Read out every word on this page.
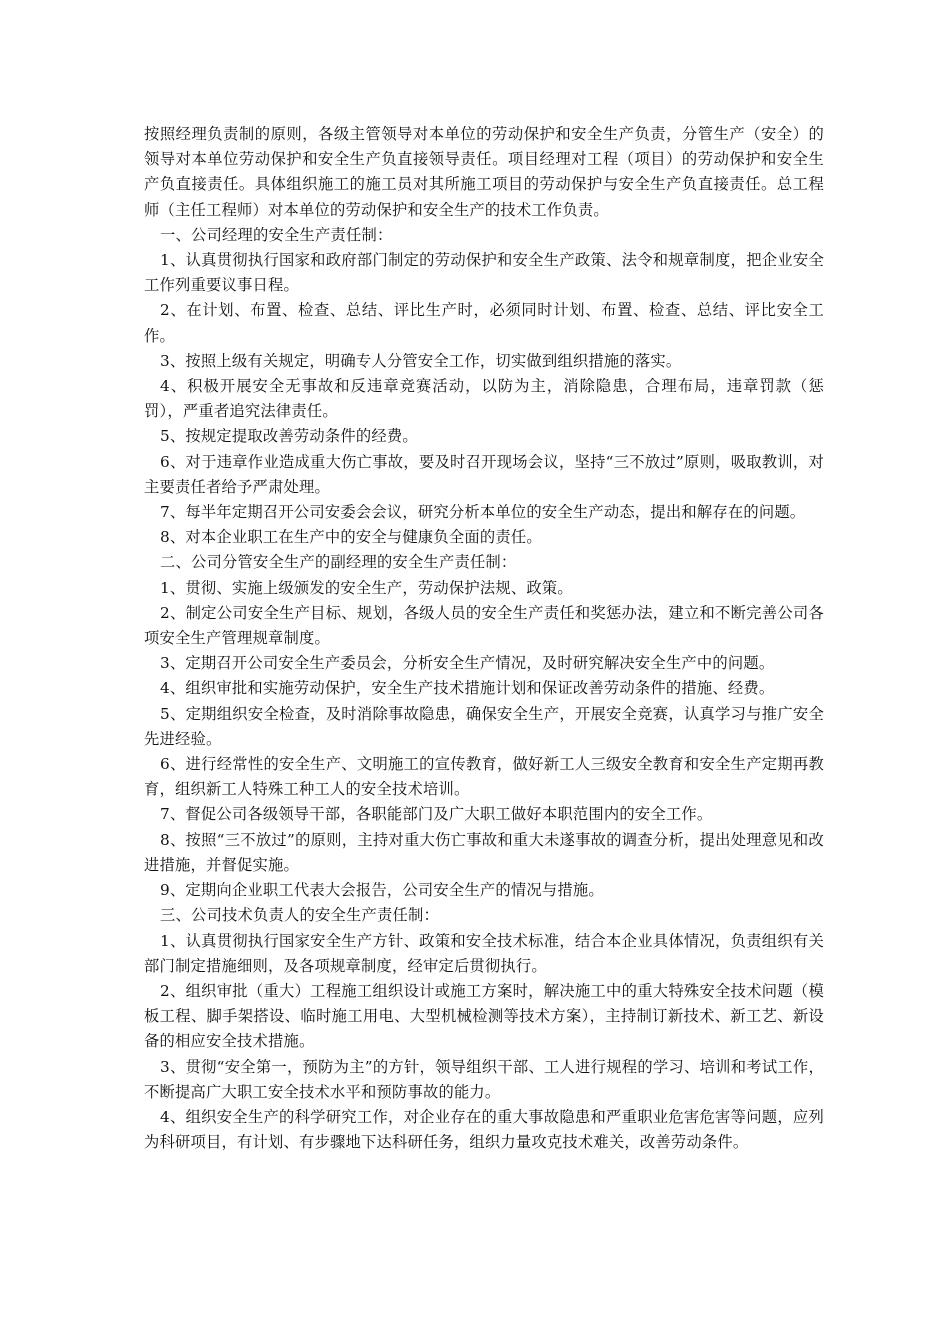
按照经理负责制的原则，各级主管领导对本单位的劳动保护和安全生产负责，分管生产（安全）的领导对本单位劳动保护和安全生产负直接领导责任。项目经理对工程（项目）的劳动保护和安全生产负直接责任。具体组织施工的施工员对其所施工项目的劳动保护与安全生产负直接责任。总工程师（主任工程师）对本单位的劳动保护和安全生产的技术工作负责。

一、公司经理的安全生产责任制：

1、认真贯彻执行国家和政府部门制定的劳动保护和安全生产政策、法令和规章制度，把企业安全工作列重要议事日程。

2、在计划、布置、检查、总结、评比生产时，必须同时计划、布置、检查、总结、评比安全工作。

3、按照上级有关规定，明确专人分管安全工作，切实做到组织措施的落实。

4、积极开展安全无事故和反违章竞赛活动，以防为主，消除隐患，合理布局，违章罚款（惩罚），严重者追究法律责任。

5、按规定提取改善劳动条件的经费。

6、对于违章作业造成重大伤亡事故，要及时召开现场会议，坚持“三不放过”原则，吸取教训，对主要责任者给予严肃处理。

7、每半年定期召开公司安委会会议，研究分析本单位的安全生产动态，提出和解存在的问题。

8、对本企业职工在生产中的安全与健康负全面的责任。

二、公司分管安全生产的副经理的安全生产责任制：

1、贯彻、实施上级颁发的安全生产，劳动保护法规、政策。

2、制定公司安全生产目标、规划，各级人员的安全生产责任和奖惩办法，建立和不断完善公司各项安全生产管理规章制度。

3、定期召开公司安全生产委员会，分析安全生产情况，及时研究解决安全生产中的问题。

4、组织审批和实施劳动保护，安全生产技术措施计划和保证改善劳动条件的措施、经费。

5、定期组织安全检查，及时消除事故隐患，确保安全生产，开展安全竞赛，认真学习与推广安全先进经验。

6、进行经常性的安全生产、文明施工的宣传教育，做好新工人三级安全教育和安全生产定期再教育，组织新工人特殊工种工人的安全技术培训。

7、督促公司各级领导干部，各职能部门及广大职工做好本职范围内的安全工作。

8、按照“三不放过”的原则，主持对重大伤亡事故和重大未遂事故的调查分析，提出处理意见和改进措施，并督促实施。

9、定期向企业职工代表大会报告，公司安全生产的情况与措施。

三、公司技术负责人的安全生产责任制：

1、认真贯彻执行国家安全生产方针、政策和安全技术标准，结合本企业具体情况，负责组织有关部门制定措施细则，及各项规章制度，经审定后贯彻执行。

2、组织审批（重大）工程施工组织设计或施工方案时，解决施工中的重大特殊安全技术问题（模板工程、脚手架搭设、临时施工用电、大型机械检测等技术方案），主持制订新技术、新工艺、新设备的相应安全技术措施。

3、贯彻“安全第一，预防为主”的方针，领导组织干部、工人进行规程的学习、培训和考试工作，不断提高广大职工安全技术水平和预防事故的能力。

4、组织安全生产的科学研究工作，对企业存在的重大事故隐患和严重职业危害危害等问题，应列为科研项目，有计划、有步骤地下达科研任务，组织力量攻克技术难关，改善劳动条件。
